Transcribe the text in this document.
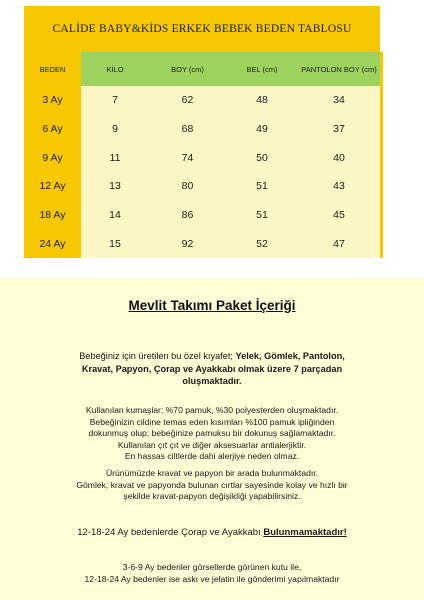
CALİDE BABY&KİDS ERKEK BEBEK BEDEN TABLOSU
BEDEN	KİLO	BOY (cm)	BEL (cm)	PANTOLON BOY (cm)
3 Ay	7	62	48	34
6 Ay	9	68	49	37
9 Ay	11	74	50	40
12 Ay	13	80	51	43
18 Ay	14	86	51	45
24 Ay	15	92	52	47
Mevlit Takımı Paket İçeriği
Bebeğiniz için üretilen bu özel kıyafet; Yelek, Gömlek, Pantolon,
Kravat, Papyon, Çorap ve Ayakkabı olmak üzere 7 parçadan
oluşmaktadır.
Kullanılan kumaşlar; %70 pamuk, %30 polyesterden oluşmaktadır.
Bebeğinizin cildine temas eden kısımları %100 pamuk ipliğinden
dokunmuş olup; bebeğinize pamuksu bir dokunuş sağlamaktadır.
Kullanılan çıt çıt ve diğer aksesuarlar antialerjiktir.
En hassas ciltlerde dahi alerjiye neden olmaz.
Ürünümüzde kravat ve papyon bir arada bulunmaktadır.
Gömlek, kravat ve papyonda bulunan cırtlar sayesinde kolay ve hızlı bir
şekilde kravat-papyon değişikliği yapabilirsiniz.
12-18-24 Ay bedenlerde Çorap ve Ayakkabı Bulunmamaktadır!
3-6-9 Ay bedenler görsellerde görünen kutu ile,
12-18-24 Ay bedenler ise askı ve jelatin ile gönderimi yapılmaktadır
